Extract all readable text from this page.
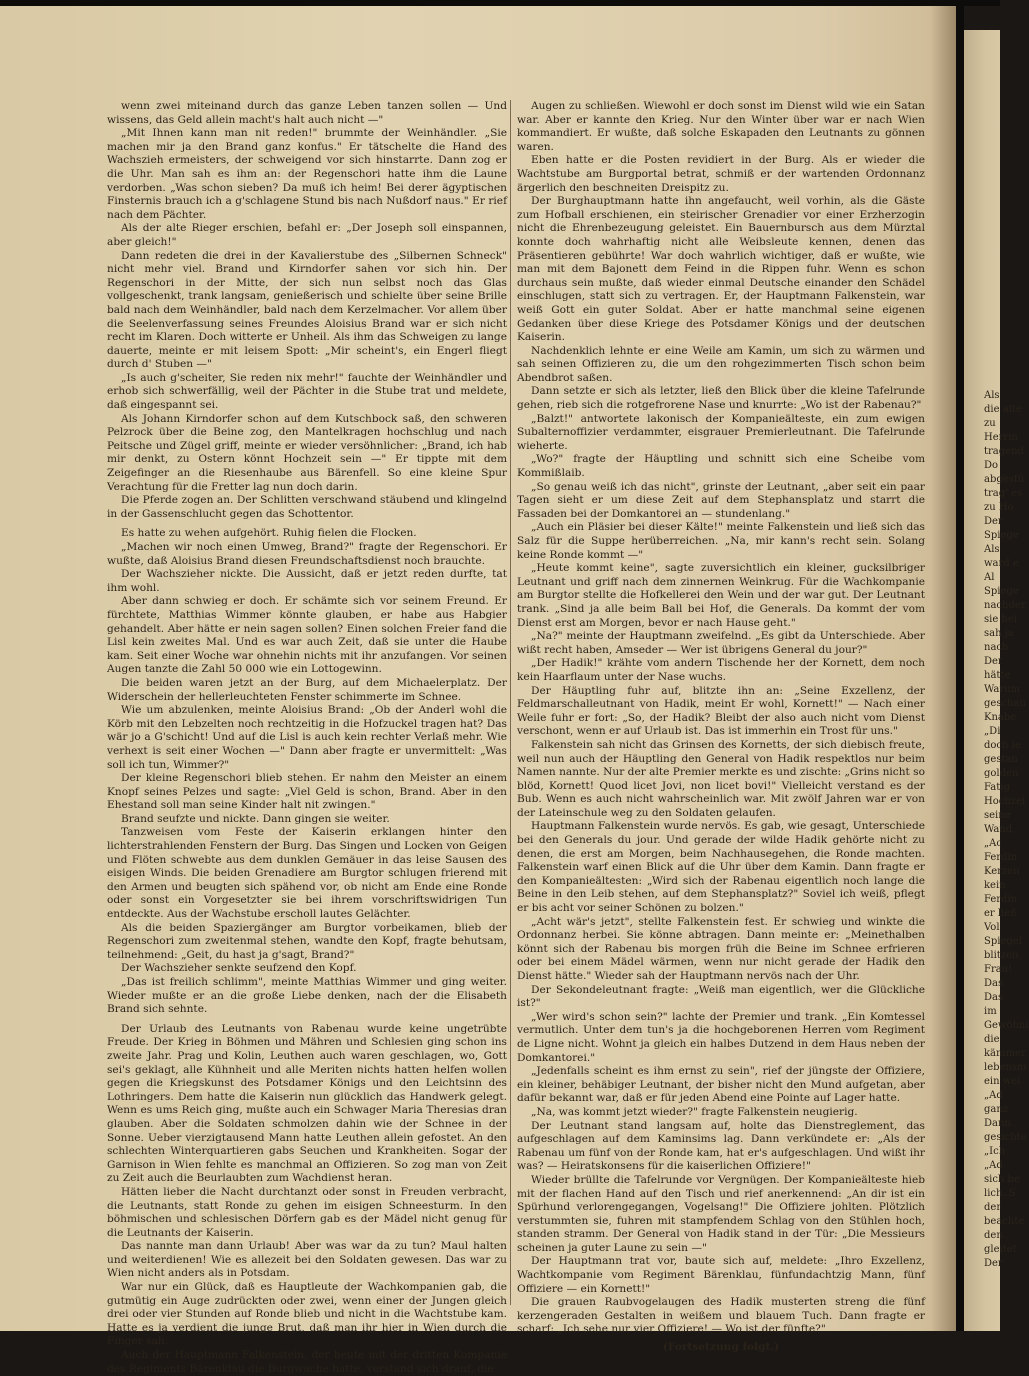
wenn zwei miteinand durch das ganze Leben tanzen sollen — Und wissens, das Geld allein macht's halt auch nicht —"

„Mit Ihnen kann man nit reden!" brummte der Weinhändler. „Sie machen mir ja den Brand ganz konfus." Er tätschelte die Hand des Wachszieh ermeisters, der schweigend vor sich hinstarrte. Dann zog er die Uhr. Man sah es ihm an: der Regenschori hatte ihm die Laune verdorben. „Was schon sieben? Da muß ich heim! Bei derer ägyptischen Finsternis brauch ich a g'schlagene Stund bis nach Nußdorf naus." Er rief nach dem Pächter.

Als der alte Rieger erschien, befahl er: „Der Joseph soll einspannen, aber gleich!"

Dann redeten die drei in der Kavalierstube des „Silbernen Schneck" nicht mehr viel. Brand und Kirndorfer sahen vor sich hin. Der Regenschori in der Mitte, der sich nun selbst noch das Glas vollgeschenkt, trank langsam, genießerisch und schielte über seine Brille bald nach dem Weinhändler, bald nach dem Kerzelmacher. Vor allem über die Seelenverfassung seines Freundes Aloisius Brand war er sich nicht recht im Klaren. Doch witterte er Unheil. Als ihm das Schweigen zu lange dauerte, meinte er mit leisem Spott: „Mir scheint's, ein Engerl fliegt durch d' Stuben —"

„Is auch g'scheiter, Sie reden nix mehr!" fauchte der Weinhändler und erhob sich schwerfällig, weil der Pächter in die Stube trat und meldete, daß eingespannt sei.

Als Johann Kirndorfer schon auf dem Kutschbock saß, den schweren Pelzrock über die Beine zog, den Mantelkragen hochschlug und nach Peitsche und Zügel griff, meinte er wieder versöhnlicher: „Brand, ich hab mir denkt, zu Ostern könnt Hochzeit sein —" Er tippte mit dem Zeigefinger an die Riesenhaube aus Bärenfell. So eine kleine Spur Verachtung für die Fretter lag nun doch darin.

Die Pferde zogen an. Der Schlitten verschwand stäubend und klingelnd in der Gassenschlucht gegen das Schottentor.

Es hatte zu wehen aufgehört. Ruhig fielen die Flocken.

„Machen wir noch einen Umweg, Brand?" fragte der Regenschori. Er wußte, daß Aloisius Brand diesen Freundschaftsdienst noch brauchte.

Der Wachszieher nickte. Die Aussicht, daß er jetzt reden durfte, tat ihm wohl.

Aber dann schwieg er doch. Er schämte sich vor seinem Freund. Er fürchtete, Matthias Wimmer könnte glauben, er habe aus Habgier gehandelt. Aber hätte er nein sagen sollen? Einen solchen Freier fand die Lisl kein zweites Mal. Und es war auch Zeit, daß sie unter die Haube kam. Seit einer Woche war ohnehin nichts mit ihr anzufangen. Vor seinen Augen tanzte die Zahl 50 000 wie ein Lottogewinn.

Die beiden waren jetzt an der Burg, auf dem Michaelerplatz. Der Widerschein der hellerleuchteten Fenster schimmerte im Schnee.

Wie um abzulenken, meinte Aloisius Brand: „Ob der Anderl wohl die Körb mit den Lebzelten noch rechtzeitig in die Hofzuckel tragen hat? Das wär jo a G'schicht! Und auf die Lisl is auch kein rechter Verlaß mehr. Wie verhext is seit einer Wochen —" Dann aber fragte er unvermittelt: „Was soll ich tun, Wimmer?"

Der kleine Regenschori blieb stehen. Er nahm den Meister an einem Knopf seines Pelzes und sagte: „Viel Geld is schon, Brand. Aber in den Ehestand soll man seine Kinder halt nit zwingen."

Brand seufzte und nickte. Dann gingen sie weiter.

Tanzweisen vom Feste der Kaiserin erklangen hinter den lichterstrahlenden Fenstern der Burg. Das Singen und Locken von Geigen und Flöten schwebte aus dem dunklen Gemäuer in das leise Sausen des eisigen Winds. Die beiden Grenadiere am Burgtor schlugen frierend mit den Armen und beugten sich spähend vor, ob nicht am Ende eine Ronde oder sonst ein Vorgesetzter sie bei ihrem vorschriftswidrigen Tun entdeckte. Aus der Wachstube erscholl lautes Gelächter.

Als die beiden Spaziergänger am Burgtor vorbeikamen, blieb der Regenschori zum zweitenmal stehen, wandte den Kopf, fragte behutsam, teilnehmend: „Geit, du hast ja g'sagt, Brand?"

Der Wachszieher senkte seufzend den Kopf.

„Das ist freilich schlimm", meinte Matthias Wimmer und ging weiter. Wieder mußte er an die große Liebe denken, nach der die Elisabeth Brand sich sehnte.

Der Urlaub des Leutnants von Rabenau wurde keine ungetrübte Freude. Der Krieg in Böhmen und Mähren und Schlesien ging schon ins zweite Jahr. Prag und Kolin, Leuthen auch waren geschlagen, wo, Gott sei's geklagt, alle Kühnheit und alle Meriten nichts hatten helfen wollen gegen die Kriegskunst des Potsdamer Königs und den Leichtsinn des Lothringers. Dem hatte die Kaiserin nun glücklich das Handwerk gelegt. Wenn es ums Reich ging, mußte auch ein Schwager Maria Theresias dran glauben. Aber die Soldaten schmolzen dahin wie der Schnee in der Sonne. Ueber vierzigtausend Mann hatte Leuthen allein gefostet. An den schlechten Winterquartieren gabs Seuchen und Krankheiten. Sogar der Garnison in Wien fehlte es manchmal an Offizieren. So zog man von Zeit zu Zeit auch die Beurlaubten zum Wachdienst heran.

Hätten lieber die Nacht durchtanzt oder sonst in Freuden verbracht, die Leutnants, statt Ronde zu gehen im eisigen Schneesturm. In den böhmischen und schlesischen Dörfern gab es der Mädel nicht genug für die Leutnants der Kaiserin.

Das nannte man dann Urlaub! Aber was war da zu tun? Maul halten und weiterdienen! Wie es allezeit bei den Soldaten gewesen. Das war zu Wien nicht anders als in Potsdam.

War nur ein Glück, daß es Hauptleute der Wachkompanien gab, die gutmütig ein Auge zudrückten oder zwei, wenn einer der Jungen gleich drei oder vier Stunden auf Ronde blieb und nicht in die Wachtstube kam. Hatte es ja verdient die junge Brut, daß man ihr hier in Wien durch die Finger sah.

Auch der Hauptmann Falkenstein, der heute mit der dritten Kompanie des Regiments Bärenklau die Burgwache hatte, verstand sich drauf, die

Augen zu schließen. Wiewohl er doch sonst im Dienst wild wie ein Satan war. Aber er kannte den Krieg. Nur den Winter über war er nach Wien kommandiert. Er wußte, daß solche Eskapaden den Leutnants zu gönnen waren.

Eben hatte er die Posten revidiert in der Burg. Als er wieder die Wachtstube am Burgportal betrat, schmiß er der wartenden Ordonnanz ärgerlich den beschneiten Dreispitz zu.

Der Burghauptmann hatte ihn angefaucht, weil vorhin, als die Gäste zum Hofball erschienen, ein steirischer Grenadier vor einer Erzherzogin nicht die Ehrenbezeugung geleistet. Ein Bauernbursch aus dem Mürztal konnte doch wahrhaftig nicht alle Weibsleute kennen, denen das Präsentieren gebührte! War doch wahrlich wichtiger, daß er wußte, wie man mit dem Bajonett dem Feind in die Rippen fuhr. Wenn es schon durchaus sein mußte, daß wieder einmal Deutsche einander den Schädel einschlugen, statt sich zu vertragen. Er, der Hauptmann Falkenstein, war weiß Gott ein guter Soldat. Aber er hatte manchmal seine eigenen Gedanken über diese Kriege des Potsdamer Königs und der deutschen Kaiserin.

Nachdenklich lehnte er eine Weile am Kamin, um sich zu wärmen und sah seinen Offizieren zu, die um den rohgezimmerten Tisch schon beim Abendbrot saßen.

Dann setzte er sich als letzter, ließ den Blick über die kleine Tafelrunde gehen, rieb sich die rotgefrorene Nase und knurrte: „Wo ist der Rabenau?"

„Balzt!" antwortete lakonisch der Kompanieälteste, ein zum ewigen Subalternoffizier verdammter, eisgrauer Premierleutnant. Die Tafelrunde wieherte.

„Wo?" fragte der Häuptling und schnitt sich eine Scheibe vom Kommißlaib.

„So genau weiß ich das nicht", grinste der Leutnant, „aber seit ein paar Tagen sieht er um diese Zeit auf dem Stephansplatz und starrt die Fassaden bei der Domkantorei an — stundenlang."

„Auch ein Pläsier bei dieser Kälte!" meinte Falkenstein und ließ sich das Salz für die Suppe herüberreichen. „Na, mir kann's recht sein. Solang keine Ronde kommt —"

„Heute kommt keine", sagte zuversichtlich ein kleiner, gucksilbriger Leutnant und griff nach dem zinnernen Weinkrug. Für die Wachkompanie am Burgtor stellte die Hofkellerei den Wein und der war gut. Der Leutnant trank. „Sind ja alle beim Ball bei Hof, die Generals. Da kommt der vom Dienst erst am Morgen, bevor er nach Hause geht."

„Na?" meinte der Hauptmann zweifelnd. „Es gibt da Unterschiede. Aber wißt recht haben, Amseder — Wer ist übrigens General du jour?"

„Der Hadik!" krähte vom andern Tischende her der Kornett, dem noch kein Haarflaum unter der Nase wuchs.

Der Häuptling fuhr auf, blitzte ihn an: „Seine Exzellenz, der Feldmarschalleutnant von Hadik, meint Er wohl, Kornett!" — Nach einer Weile fuhr er fort: „So, der Hadik? Bleibt der also auch nicht vom Dienst verschont, wenn er auf Urlaub ist. Das ist immerhin ein Trost für uns."

Falkenstein sah nicht das Grinsen des Kornetts, der sich diebisch freute, weil nun auch der Häuptling den General von Hadik respektlos nur beim Namen nannte. Nur der alte Premier merkte es und zischte: „Grins nicht so blöd, Kornett! Quod licet Jovi, non licet bovi!" Vielleicht verstand es der Bub. Wenn es auch nicht wahrscheinlich war. Mit zwölf Jahren war er von der Lateinschule weg zu den Soldaten gelaufen.

Hauptmann Falkenstein wurde nervös. Es gab, wie gesagt, Unterschiede bei den Generals du jour. Und gerade der wilde Hadik gehörte nicht zu denen, die erst am Morgen, beim Nachhausegehen, die Ronde machten. Falkenstein warf einen Blick auf die Uhr über dem Kamin. Dann fragte er den Kompanieältesten: „Wird sich der Rabenau eigentlich noch lange die Beine in den Leib stehen, auf dem Stephansplatz?" Soviel ich weiß, pflegt er bis acht vor seiner Schönen zu bolzen."

„Acht wär's jetzt", stellte Falkenstein fest. Er schwieg und winkte die Ordonnanz herbei. Sie könne abtragen. Dann meinte er: „Meinethalben könnt sich der Rabenau bis morgen früh die Beine im Schnee erfrieren oder bei einem Mädel wärmen, wenn nur nicht gerade der Hadik den Dienst hätte." Wieder sah der Hauptmann nervös nach der Uhr.

Der Sekondeleutnant fragte: „Weiß man eigentlich, wer die Glückliche ist?"

„Wer wird's schon sein?" lachte der Premier und trank. „Ein Komtessel vermutlich. Unter dem tun's ja die hochgeborenen Herren vom Regiment de Ligne nicht. Wohnt ja gleich ein halbes Dutzend in dem Haus neben der Domkantorei."

„Jedenfalls scheint es ihm ernst zu sein", rief der jüngste der Offiziere, ein kleiner, behäbiger Leutnant, der bisher nicht den Mund aufgetan, aber dafür bekannt war, daß er für jeden Abend eine Pointe auf Lager hatte.

„Na, was kommt jetzt wieder?" fragte Falkenstein neugierig.

Der Leutnant stand langsam auf, holte das Dienstreglement, das aufgeschlagen auf dem Kaminsims lag. Dann verkündete er: „Als der Rabenau um fünf von der Ronde kam, hat er's aufgeschlagen. Und wißt ihr was? — Heiratskonsens für die kaiserlichen Offiziere!"

Wieder brüllte die Tafelrunde vor Vergnügen. Der Kompanieälteste hieb mit der flachen Hand auf den Tisch und rief anerkennend: „An dir ist ein Spürhund verlorengegangen, Vogelsang!" Die Offiziere johlten. Plötzlich verstummten sie, fuhren mit stampfendem Schlag von den Stühlen hoch, standen stramm. Der General von Hadik stand in der Tür: „Die Messieurs scheinen ja guter Laune zu sein —"

Der Hauptmann trat vor, baute sich auf, meldete: „Ihro Exzellenz, Wachtkompanie vom Regiment Bärenklau, fünfundachtzig Mann, fünf Offiziere — ein Kornett!"

Die grauen Raubvogelaugen des Hadik musterten streng die fünf kerzengeraden Gestalten in weißem und blauem Tuch. Dann fragte er scharf: „Ich sehe nur vier Offiziere! — Wo ist der fünfte?"

(Fortsetzung folgt.)

Als
die alte
zu
Herrin
tragend
Do
abgestü
trag' es
zu Ho
Der
Spiege
Als
ward e
Al
Spiege
nachder
sie bei
sah ja
nach
Der
hätte
Warum
geschau
Knabe
„Di
doch le
gestan
golden
Fatig
Hochzei
seine
Wand,
„Ac
Ferdin
Kerzen
kein
Ferdin
er ließ
Vol
Spiegel
blitzen
Frau!
Das
Das
im
Gewöhnl
die
kämmer
lebensm
ein wei
„Ad
ganz
Dann
gesichte
„Ich
„Ad
sich be
lich. S
der
beachte
den
gleitet
Der
